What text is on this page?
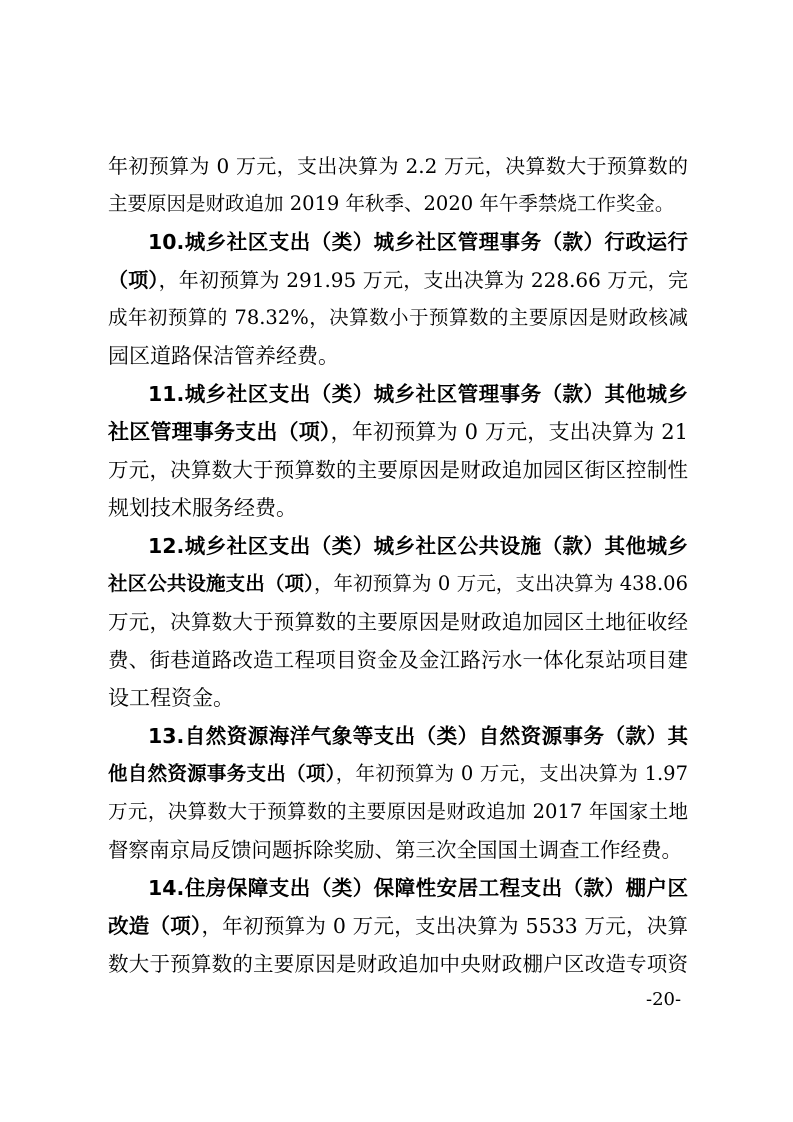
年初预算为 0 万元，支出决算为 2.2 万元，决算数大于预算数的
主要原因是财政追加 2019 年秋季、2020 年午季禁烧工作奖金。
10.城乡社区支出（类）城乡社区管理事务（款）行政运行
（项），年初预算为 291.95 万元，支出决算为 228.66 万元，完
成年初预算的 78.32%，决算数小于预算数的主要原因是财政核减
园区道路保洁管养经费。
11.城乡社区支出（类）城乡社区管理事务（款）其他城乡
社区管理事务支出（项），年初预算为 0 万元，支出决算为 21
万元，决算数大于预算数的主要原因是财政追加园区街区控制性
规划技术服务经费。
12.城乡社区支出（类）城乡社区公共设施（款）其他城乡
社区公共设施支出（项），年初预算为 0 万元，支出决算为 438.06
万元，决算数大于预算数的主要原因是财政追加园区土地征收经
费、街巷道路改造工程项目资金及金江路污水一体化泵站项目建
设工程资金。
13.自然资源海洋气象等支出（类）自然资源事务（款）其
他自然资源事务支出（项），年初预算为 0 万元，支出决算为 1.97
万元，决算数大于预算数的主要原因是财政追加 2017 年国家土地
督察南京局反馈问题拆除奖励、第三次全国国土调查工作经费。
14.住房保障支出（类）保障性安居工程支出（款）棚户区
改造（项），年初预算为 0 万元，支出决算为 5533 万元，决算
数大于预算数的主要原因是财政追加中央财政棚户区改造专项资
-20-
